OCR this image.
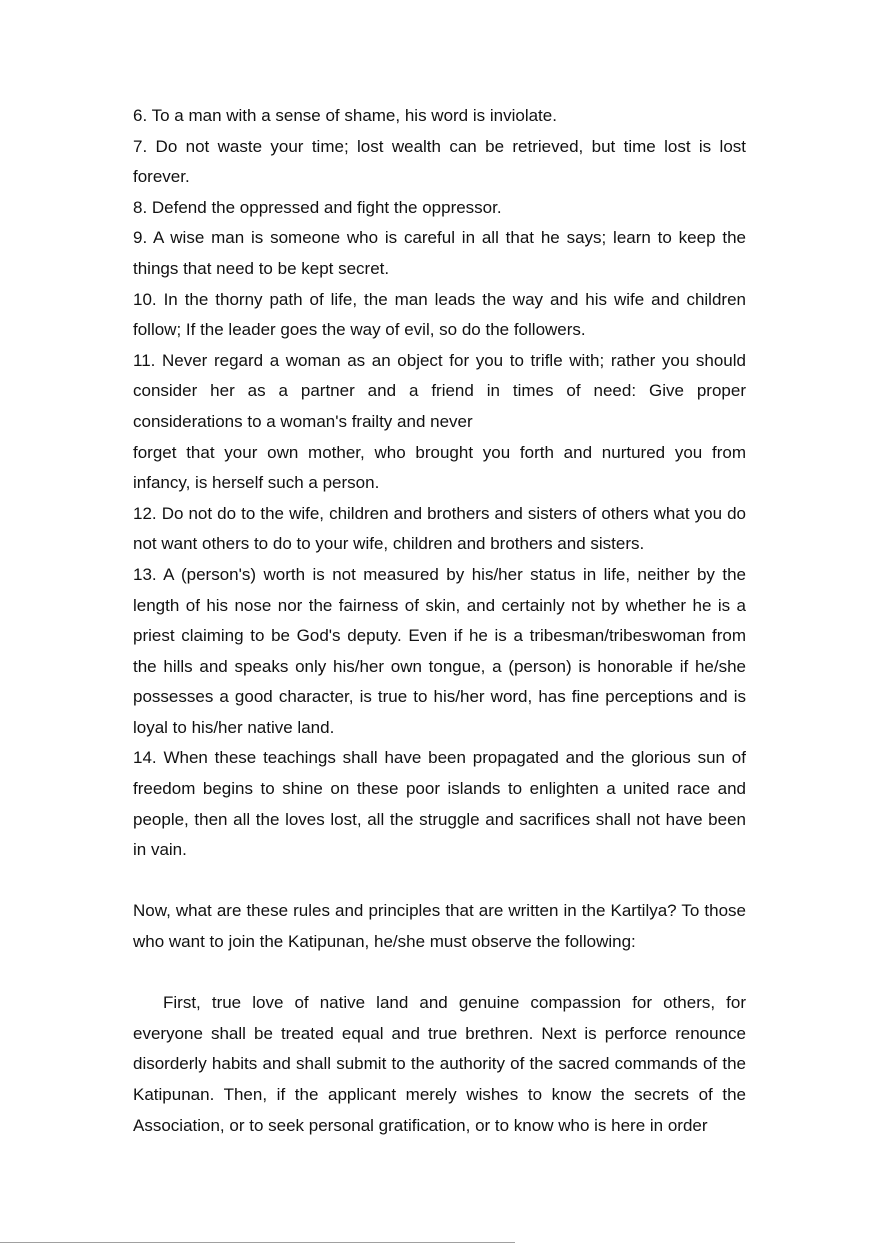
6. To a man with a sense of shame, his word is inviolate.

7. Do not waste your time; lost wealth can be retrieved, but time lost is lost forever.

8. Defend the oppressed and fight the oppressor.

9. A wise man is someone who is careful in all that he says; learn to keep the things that need to be kept secret.

10. In the thorny path of life, the man leads the way and his wife and children follow; If the leader goes the way of evil, so do the followers.

11. Never regard a woman as an object for you to trifle with; rather you should consider her as a partner and a friend in times of need: Give proper considerations to a woman's frailty and never

forget that your own mother, who brought you forth and nurtured you from infancy, is herself such a person.

12. Do not do to the wife, children and brothers and sisters of others what you do not want others to do to your wife, children and brothers and sisters.

13. A (person's) worth is not measured by his/her status in life, neither by the length of his nose nor the fairness of skin, and certainly not by whether he is a priest claiming to be God's deputy. Even if he is a tribesman/tribeswoman from the hills and speaks only his/her own tongue, a (person) is honorable if he/she possesses a good character, is true to his/her word, has fine perceptions and is loyal to his/her native land.

14. When these teachings shall have been propagated and the glorious sun of freedom begins to shine on these poor islands to enlighten a united race and people, then all the loves lost, all the struggle and sacrifices shall not have been in vain.

Now, what are these rules and principles that are written in the Kartilya? To those who want to join the Katipunan, he/she must observe the following:

First, true love of native land and genuine compassion for others, for everyone shall be treated equal and true brethren. Next is perforce renounce disorderly habits and shall submit to the authority of the sacred commands of the Katipunan. Then, if the applicant merely wishes to know the secrets of the Association, or to seek personal gratification, or to know who is here in order
